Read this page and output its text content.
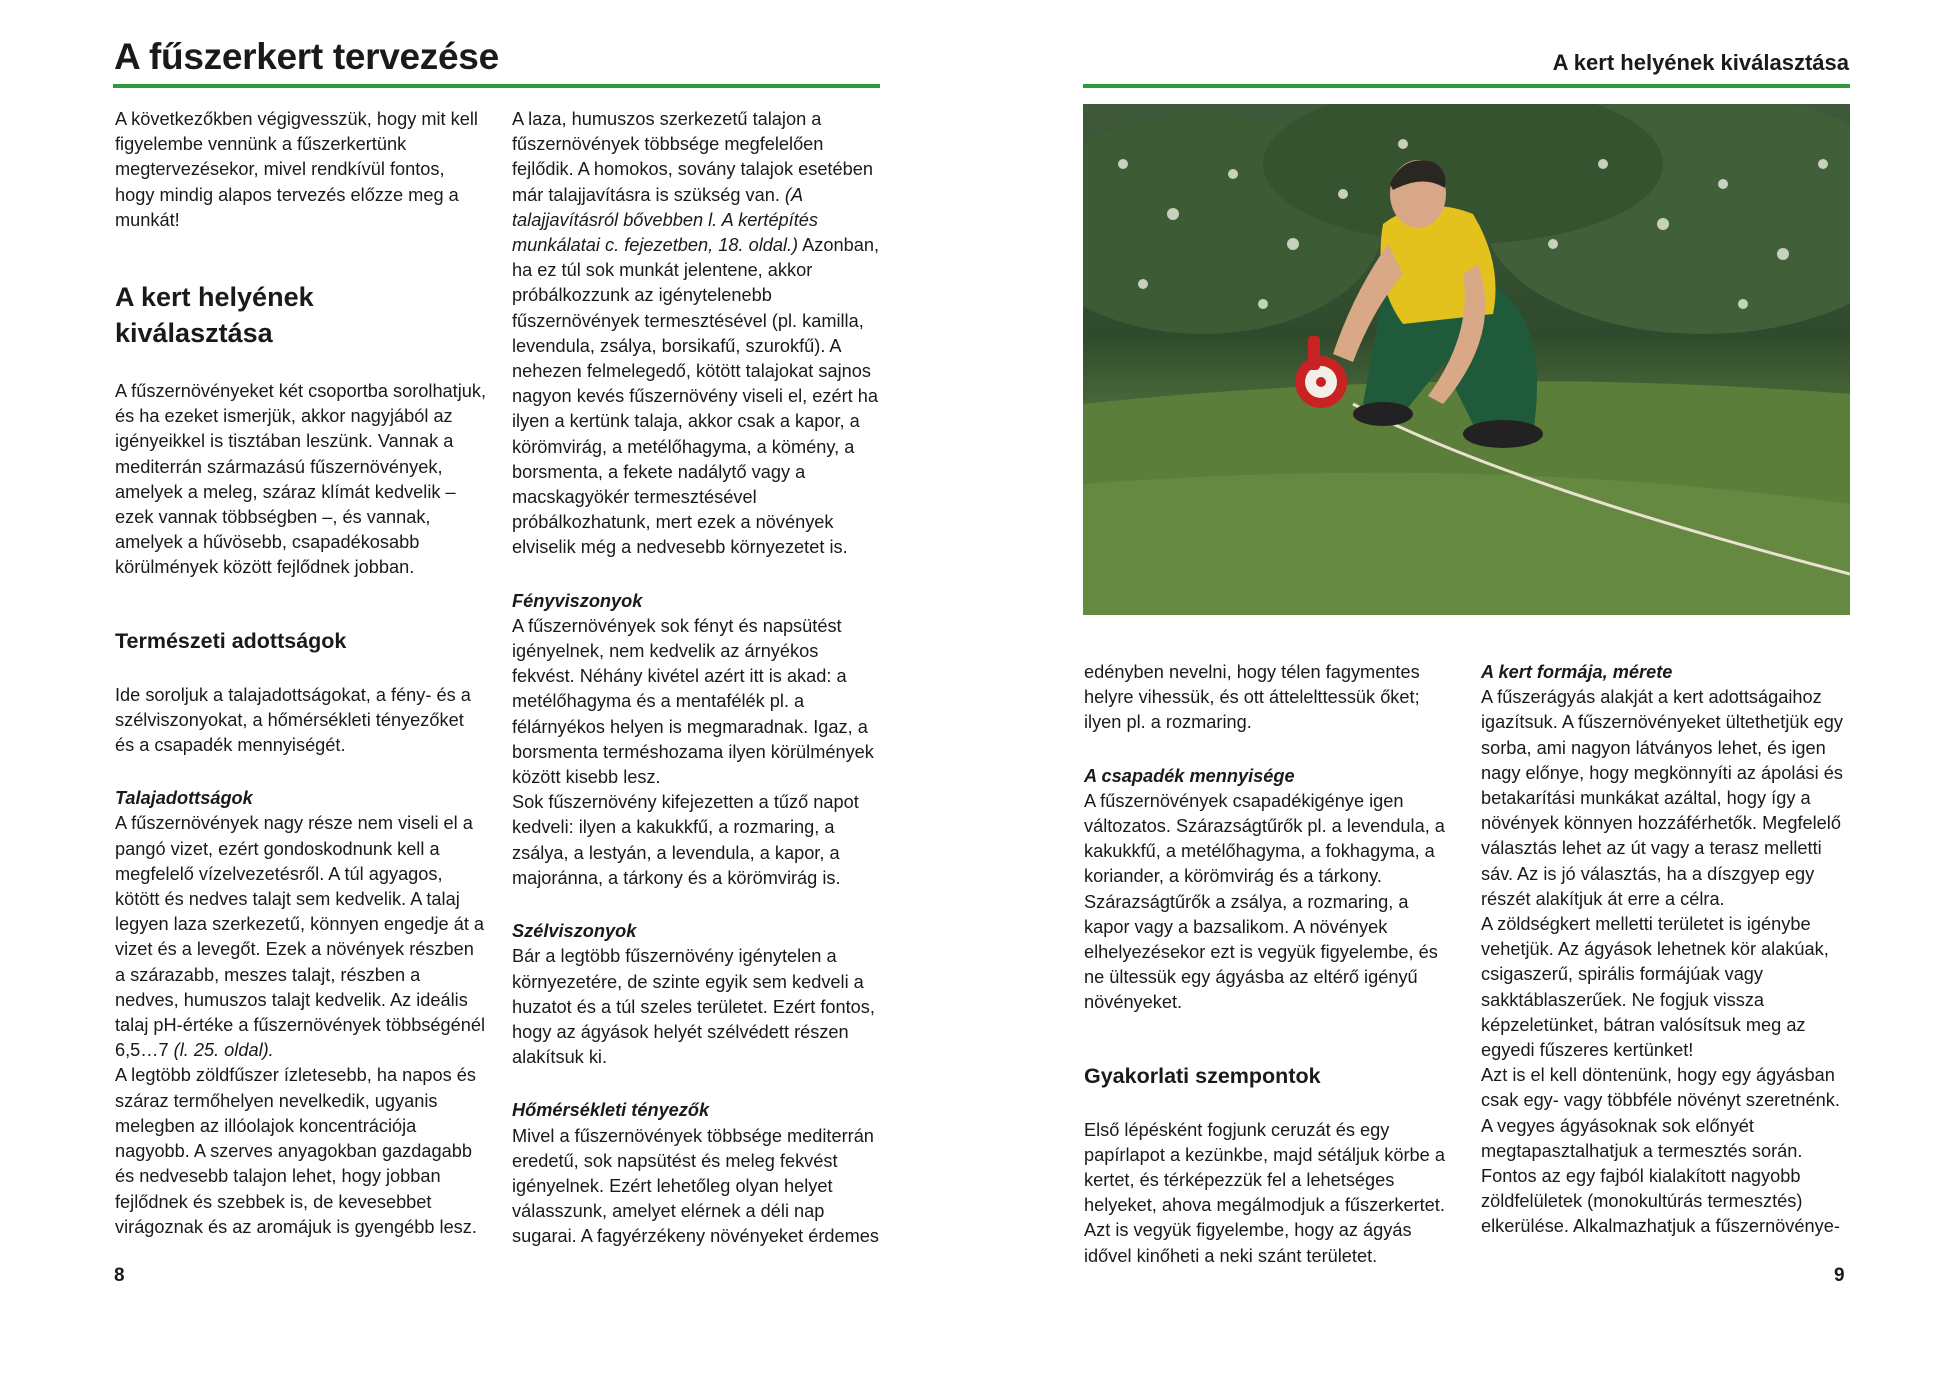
A fűszerkert tervezése	A kert helyének kiválasztása

A következőkben végigvesszük, hogy mit kell figyelembe vennünk a fűszerkertünk megtervezésekor, mivel rendkívül fontos, hogy mindig alapos tervezés előzze meg a munkát!

A kert helyének
kiválasztása

A fűszernövényeket két csoportba sorolhatjuk, és ha ezeket ismerjük, akkor nagyjából az igényeikkel is tisztában leszünk. Vannak a mediterrán származású fűszernövények, amelyek a meleg, száraz klímát kedvelik – ezek vannak többségben –, és vannak, amelyek a hűvösebb, csapadékosabb körülmények között fejlődnek jobban.

Természeti adottságok

Ide soroljuk a talajadottságokat, a fény- és a szélviszonyokat, a hőmérsékleti tényezőket és a csapadék mennyiségét.

Talajadottságok

A fűszernövények nagy része nem viseli el a pangó vizet, ezért gondoskodnunk kell a megfelelő vízelvezetésről. A túl agyagos, kötött és nedves talajt sem kedvelik. A talaj legyen laza szerkezetű, könnyen engedje át a vizet és a levegőt. Ezek a növények részben a szárazabb, meszes talajt, részben a nedves, humuszos talajt kedvelik. Az ideális talaj pH-értéke a fűszernövények többségénél 6,5…7 (l. 25. oldal).

A legtöbb zöldfűszer ízletesebb, ha napos és száraz termőhelyen nevelkedik, ugyanis melegben az illóolajok koncentrációja nagyobb. A szerves anyagokban gazdagabb és nedvesebb talajon lehet, hogy jobban fejlődnek és szebbek is, de kevesebbet virágoznak és az aromájuk is gyengébb lesz.

A laza, humuszos szerkezetű talajon a fűszernövények többsége megfelelően fejlődik. A homokos, sovány talajok esetében már talajjavításra is szükség van. (A talajjavításról bővebben l. A kertépítés munkálatai c. fejezetben, 18. oldal.) Azonban, ha ez túl sok munkát jelentene, akkor próbálkozzunk az igénytelenebb fűszernövények termesztésével (pl. kamilla, levendula, zsálya, borsikafű, szurokfű). A nehezen felmelegedő, kötött talajokat sajnos nagyon kevés fűszernövény viseli el, ezért ha ilyen a kertünk talaja, akkor csak a kapor, a körömvirág, a metélőhagyma, a kömény, a borsmenta, a fekete nadálytő vagy a macskagyökér termesztésével próbálkozhatunk, mert ezek a növények elviselik még a nedvesebb környezetet is.

Fényviszonyok

A fűszernövények sok fényt és napsütést igényelnek, nem kedvelik az árnyékos fekvést. Néhány kivétel azért itt is akad: a metélőhagyma és a mentafélék pl. a félárnyékos helyen is megmaradnak. Igaz, a borsmenta terméshozama ilyen körülmények között kisebb lesz.

Sok fűszernövény kifejezetten a tűző napot kedveli: ilyen a kakukkfű, a rozmaring, a zsálya, a lestyán, a levendula, a kapor, a majoránna, a tárkony és a körömvirág is.

Szélviszonyok

Bár a legtöbb fűszernövény igénytelen a környezetére, de szinte egyik sem kedveli a huzatot és a túl szeles területet. Ezért fontos, hogy az ágyások helyét szélvédett részen alakítsuk ki.

Hőmérsékleti tényezők

Mivel a fűszernövények többsége mediterrán eredetű, sok napsütést és meleg fekvést igényelnek. Ezért lehetőleg olyan helyet válasszunk, amelyet elérnek a déli nap sugarai. A fagyérzékeny növényeket érdemes

edényben nevelni, hogy télen fagymentes helyre vihessük, és ott áttelelttessük őket; ilyen pl. a rozmaring.

A csapadék mennyisége

A fűszernövények csapadékigénye igen változatos. Szárazságtűrők pl. a levendula, a kakukkfű, a metélőhagyma, a fokhagyma, a koriander, a körömvirág és a tárkony. Szárazságtűrők a zsálya, a rozmaring, a kapor vagy a bazsalikom. A növények elhelyezésekor ezt is vegyük figyelembe, és ne ültessük egy ágyásba az eltérő igényű növényeket.

Gyakorlati szempontok

Első lépésként fogjunk ceruzát és egy papírlapot a kezünkbe, majd sétáljuk körbe a kertet, és térképezzük fel a lehetséges helyeket, ahova megálmodjuk a fűszerkertet. Azt is vegyük figyelembe, hogy az ágyás idővel kinőheti a neki szánt területet.

A kert formája, mérete

A fűszerágyás alakját a kert adottságaihoz igazítsuk. A fűszernövényeket ültethetjük egy sorba, ami nagyon látványos lehet, és igen nagy előnye, hogy megkönnyíti az ápolási és betakarítási munkákat azáltal, hogy így a növények könnyen hozzáférhetők. Megfelelő választás lehet az út vagy a terasz melletti sáv. Az is jó választás, ha a díszgyep egy részét alakítjuk át erre a célra.

A zöldségkert melletti területet is igénybe vehetjük. Az ágyások lehetnek kör alakúak, csigaszerű, spirális formájúak vagy sakktáblaszerűek. Ne fogjuk vissza képzeletünket, bátran valósítsuk meg az egyedi fűszeres kertünket!

Azt is el kell döntenünk, hogy egy ágyásban csak egy- vagy többféle növényt szeretnénk. A vegyes ágyásoknak sok előnyét megtapasztalhatjuk a termesztés során. Fontos az egy fajból kialakított nagyobb zöldfelületek (monokultúrás termesztés) elkerülése. Alkalmazhatjuk a fűszernövénye-

8	9
